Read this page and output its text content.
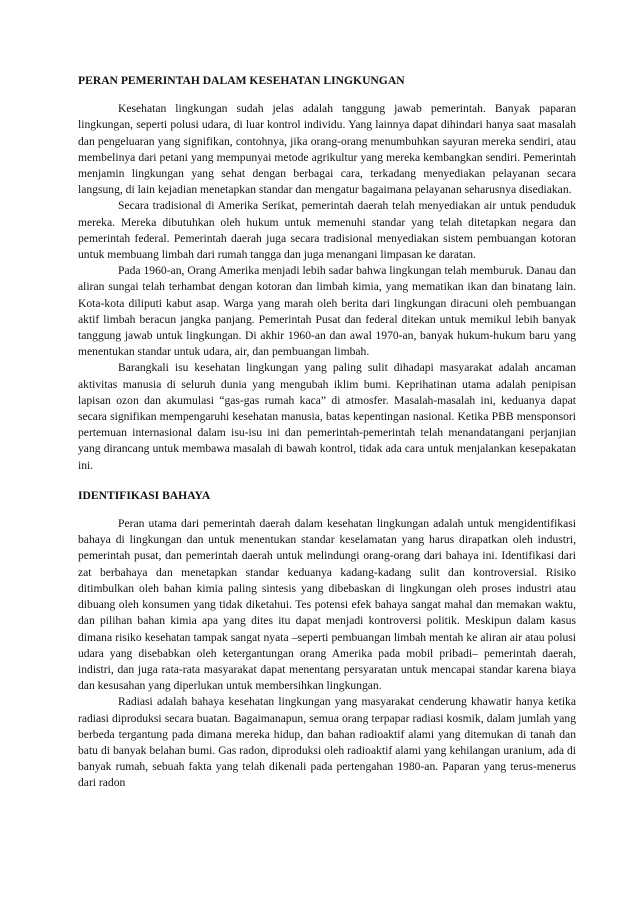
PERAN PEMERINTAH DALAM KESEHATAN LINGKUNGAN

Kesehatan lingkungan sudah jelas adalah tanggung jawab pemerintah. Banyak paparan lingkungan, seperti polusi udara, di luar kontrol individu. Yang lainnya dapat dihindari hanya saat masalah dan pengeluaran yang signifikan, contohnya, jika orang-orang menumbuhkan sayuran mereka sendiri, atau membelinya dari petani yang mempunyai metode agrikultur yang mereka kembangkan sendiri. Pemerintah menjamin lingkungan yang sehat dengan berbagai cara, terkadang menyediakan pelayanan secara langsung, di lain kejadian menetapkan standar dan mengatur bagaimana pelayanan seharusnya disediakan.

Secara tradisional di Amerika Serikat, pemerintah daerah telah menyediakan air untuk penduduk mereka. Mereka dibutuhkan oleh hukum untuk memenuhi standar yang telah ditetapkan negara dan pemerintah federal. Pemerintah daerah juga secara tradisional menyediakan sistem pembuangan kotoran untuk membuang limbah dari rumah tangga dan juga menangani limpasan ke daratan.

Pada 1960-an, Orang Amerika menjadi lebih sadar bahwa lingkungan telah memburuk. Danau dan aliran sungai telah terhambat dengan kotoran dan limbah kimia, yang mematikan ikan dan binatang lain. Kota-kota diliputi kabut asap. Warga yang marah oleh berita dari lingkungan diracuni oleh pembuangan aktif limbah beracun jangka panjang. Pemerintah Pusat dan federal ditekan untuk memikul lebih banyak tanggung jawab untuk lingkungan. Di akhir 1960-an dan awal 1970-an, banyak hukum-hukum baru yang menentukan standar untuk udara, air, dan pembuangan limbah.

Barangkali isu kesehatan lingkungan yang paling sulit dihadapi masyarakat adalah ancaman aktivitas manusia di seluruh dunia yang mengubah iklim bumi. Keprihatinan utama adalah penipisan lapisan ozon dan akumulasi “gas-gas rumah kaca” di atmosfer. Masalah-masalah ini, keduanya dapat secara signifikan mempengaruhi kesehatan manusia, batas kepentingan nasional. Ketika PBB mensponsori pertemuan internasional dalam isu-isu ini dan pemerintah-pemerintah telah menandatangani perjanjian yang dirancang untuk membawa masalah di bawah kontrol, tidak ada cara untuk menjalankan kesepakatan ini.

IDENTIFIKASI BAHAYA

Peran utama dari pemerintah daerah dalam kesehatan lingkungan adalah untuk mengidentifikasi bahaya di lingkungan dan untuk menentukan standar keselamatan yang harus dirapatkan oleh industri, pemerintah pusat, dan pemerintah daerah untuk melindungi orang-orang dari bahaya ini. Identifikasi dari zat berbahaya dan menetapkan standar keduanya kadang-kadang sulit dan kontroversial. Risiko ditimbulkan oleh bahan kimia paling sintesis yang dibebaskan di lingkungan oleh proses industri atau dibuang oleh konsumen yang tidak diketahui. Tes potensi efek bahaya sangat mahal dan memakan waktu, dan pilihan bahan kimia apa yang dites itu dapat menjadi kontroversi politik. Meskipun dalam kasus dimana risiko kesehatan tampak sangat nyata –seperti pembuangan limbah mentah ke aliran air atau polusi udara yang disebabkan oleh ketergantungan orang Amerika pada mobil pribadi– pemerintah daerah, indistri, dan juga rata-rata masyarakat dapat menentang persyaratan untuk mencapai standar karena biaya dan kesusahan yang diperlukan untuk membersihkan lingkungan.

Radiasi adalah bahaya kesehatan lingkungan yang masyarakat cenderung khawatir hanya ketika radiasi diproduksi secara buatan. Bagaimanapun, semua orang terpapar radiasi kosmik, dalam jumlah yang berbeda tergantung pada dimana mereka hidup, dan bahan radioaktif alami yang ditemukan di tanah dan batu di banyak belahan bumi. Gas radon, diproduksi oleh radioaktif alami yang kehilangan uranium, ada di banyak rumah, sebuah fakta yang telah dikenali pada pertengahan 1980-an. Paparan yang terus-menerus dari radon
